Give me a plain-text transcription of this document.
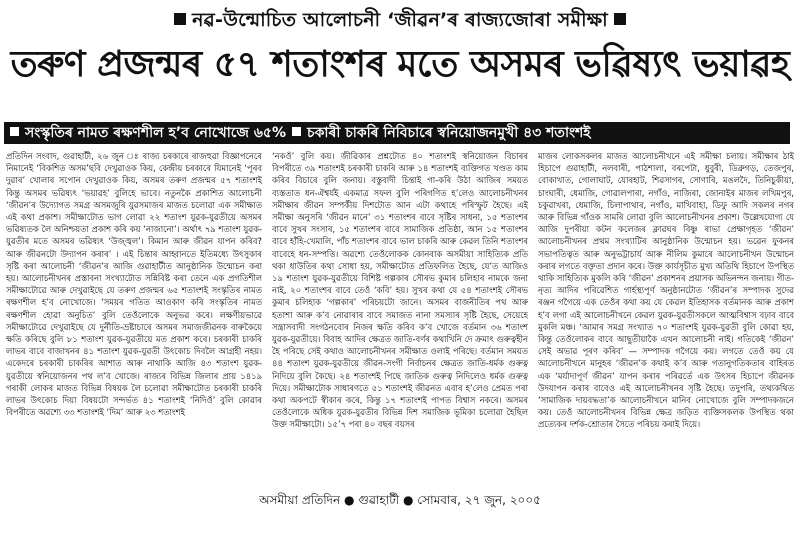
নৱ-উন্মোচিত আলোচনী ‘জীৱন’ৰ ৰাজ্যজোৰা সমীক্ষা
তৰুণ প্ৰজন্মৰ ৫৭ শতাংশৰ মতে অসমৰ ভৱিষ্যৎ ভয়াৱহ
সংস্কৃতিৰ নামত ৰক্ষণশীল হ’ব নোখোজে ৬৫% চকাৰী চাকৰি নিবিচাৰে স্বনিয়োজনমুখী ৪৩ শতাংশই

প্ৰতিদিন সংবাদ, গুৱাহাটী, ২৬ জুন ঃ ৰাজ্য চৰকাৰে ৰাজহুৱা বিজ্ঞাপনেৰে নিমানেই ‘বিকশিত অসম’ছবি দেখুৱাওক কিয়, কেন্দ্ৰীয় চৰকাৰে যিমানেই ‘পূৰব দুৱাৰ’ খোলাৰ সপোন দেখুৱাওক কিয়, অসমৰ তৰুণ প্ৰজন্মৰ ৫৭ শতাংশই কিন্তু অসমৰ ভৱিষ্যৎ ‘ভয়াৱহ’ বুলিহে ভাবে। নতুনকৈ প্ৰকাশিত আলোচনী ‘জীৱন’ৰ উদ্যোগত সমগ্ৰ অসমজুৰি যুৱসমাজৰ মাজত চলোৱা এক সমীক্ষাত এই কথা প্ৰকাশ। সমীক্ষাটোত ভাগ লোৱা ২২ শতাংশ যুৱক-যুৱতীয়ে অসমৰ ভৱিষ্যতক লৈ অনিশ্চয়তা প্ৰকাশ কৰি কয় ‘নাজানো’। অৰ্থাৎ ৭৯ শতাংশ যুৱক-যুৱতীৰ মতে অসমৰ ভৱিষ্যৎ ‘উজ্জ্বল’। কিমান আৰু জীৱন যাপন কৰিব? আৰু জীৱনটো উদ্যাপন কৰাৰ’ । এই চিন্তাৰ আহ্বানতে ইতিমধ্যে উৎসুকাৰ সৃষ্টি কৰা আলোচনী ‘জীৱন’ৰ আজি গুৱাহাটীত আনুষ্ঠানিক উন্মোচন কৰা হয়। আলোচনীখনৰ প্ৰস্তাবনা সংখ্যাটোত সন্নিবিষ্ট কৰা তেনে এক প্ৰগতিশীল সমীক্ষাটোৱে আৰু দেখুৱাইছে যে তৰুণ প্ৰজন্মৰ ৬৫ শতাংশই সংস্কৃতিৰ নামত ৰক্ষণশীল হ’ব নোখোজে। ‘সময়ৰ গতিত আওকাণ কৰি সংস্কৃতিৰ নামত ৰক্ষণশীল হোৱা অনুচিত’ বুলি তেওঁলোকে অনুভৱ কৰে। লক্ষণীয়ভাৱে সমীক্ষাটোৱে দেখুৱাইছে যে দুৰ্নীতি-ভ্ৰষ্টাচাৰে অসমৰ সমাজজীৱনক বাৰুকৈয়ে ক্ষতি কৰিছে বুলি ৮১ শতাংশ যুৱক-যুৱতীয়ে মত প্ৰকাশ কৰে। চৰকাৰী চাকৰি লাভৰ বাবে বাজাখনৰ ৪১ শতাংশ যুৱক-যুৱতী উৎকোচ দিবলৈ আগ্ৰহী নহয়। একেদৰে চৰকাৰী চাকৰিৰ আশাত আৰু নাথাকি আজি ৪৩ শতাংশ যুৱক-যুৱতীয়ে স্বনিয়োজনৰ পথ ল’ব খোজে। ৰাজ্যৰ বিভিন্ন জিলাৰ প্ৰায় ১৪১৯ গৰাকী লোকৰ মাজত বিভিন্ন বিষয়ক লৈ চলোৱা সমীক্ষাটোত চৰকাৰী চাকৰি লাভৰ উৎকোচ দিয়া বিষয়টো সন্দৰ্ভত ৪১ শতাংশই ‘নিদিওঁ’ বুলি কোৱাৰ বিপৰীতে অৱশ্যে ৩৩ শতাংশই ‘দিম’ আৰু ২৩ শতাংশই

‘নকওঁ’ বুলি কয়। জীৱিকাৰ প্ৰশ্নটোত ৪০ শতাংশই স্বনিয়োজন বিচাৰৰ বিপৰীতে ৩৯ শতাংশই চৰকাৰী চাকৰি আৰু ১৪ শতাংশই ব্যক্তিগত খণ্ডত কাম কৰিব বিচাৰে বুলি জনায়। বস্তুবাদী চিন্তাই গা-কৰি উঠা আজিৰ সময়ত ব্যস্ততাত ধন-ঐশ্বৰ্যই একমাত্ৰ সফল বুলি পৰিগণিত হ’লেও আলোচনীখনৰ সমীক্ষাৰ জীৱন সম্পৰ্কীয় দিশটোত আন এটা কথাহে পৰিস্ফুট হৈছে। এই সমীক্ষা অনুসৰি ‘জীৱন মানে’ ৩১ শতাংশৰ বাবে সৃষ্টিৰ সাধনা, ১৫ শতাংশৰ বাবে সুখৰ সংসাৰ, ১৫ শতাংশৰ বাবে সামাজিক প্ৰতিষ্ঠা, আন ১৫ শতাংশৰ বাবে হাঁহি-খেমালি, পাঁচ শতাংশৰ বাবে ভাল চাকৰি আৰু কেৱল তিনি শতাংশৰ বাবেহে ধন-সম্পত্তি। অৱশ্যে তেওঁলোকক কোনবাক অসমীয়া সাহিত্যিক প্ৰতি থকা ধাউতিৰ কথা সোধা হয়, সমীক্ষাটোত প্ৰতিফলিত হৈছে, যে’ত আজিও ১৯ শতাংশ যুৱক-যুৱতীয়ে বিশিষ্ট গল্পকাৰ সৌৰভ কুমাৰ চলিহাৰ নামকে জনা নাই, ২০ শতাংশৰ বাবে তেওঁ ‘কবি’ হয়। সুখৰ কথা যে ৫৪ শতাংশই সৌৰভ কুমাৰ চলিহাক ‘গল্পকাৰ’ পৰিচয়টো জানে। অসমৰ বাজনীতিৰ পথ আৰু হতাশা আৰু ক’ব নোৱাৰাৰ বাবে সমাজত নানা সমস্যাৰ সৃষ্টি হৈছে, সেয়েহে সন্ত্ৰাসবাদী সংগঠনবোৰ নিজৰ ক্ষতি কৰিব ক’ব খোজে বৰ্তমান ৩৬ শতাংশ যুৱক-যুৱতীয়ে। বিবাহ আদিৰ ক্ষেত্ৰত জাতি-বৰ্ণৰ কথাখিনি দে ক্ৰমাৎ গুৰুত্বহীন হৈ পৰিছে সেই কথাও আলোচনীখনৰ সমীক্ষাত ওলাই পৰিছে। বৰ্তমান সময়ত ৪৪ শতাংশ যুৱক-যুৱতীয়ে জীৱন-সংগী নিৰ্বাচনৰ ক্ষেত্ৰত জাতি-ধৰ্মক গুৰুত্ব নিদিয়ে বুলি কৈছে। ২৪ শতাংশই পিছে জাতিক গুৰুত্ব নিদিলেও ধৰ্মক গুৰুত্ব দিয়ে। সমীক্ষাটোক সাধাৰণতে ৫১ শতাংশই জীৱনত এবাৰ হ’লেও প্ৰেমত পৰা কথা অকপটে স্বীকাৰ কৰে, কিন্তু ১৭ শতাংশই পাপত বিশ্বাস নকৰে। অসমৰ তেওঁলোকে অধিক যুৱক-যুৱতীৰ বিভিন্ন দিশ সমাজিক ভূমিকা চলোৱা হৈছিল উক্ত সমীক্ষাটো। ১৫’৭ পৰা ৪০ বছৰ বয়সৰ

মাজৰ লোকসকলৰ মাজত আলোচনীখনে এই সমীক্ষা চলায়। সমীক্ষাৰ ঠাই হিচাপে গুৱাহাটী, নলবাৰী, পাঠশালা, বৰপেটা, ধুবুৰী, ডিব্ৰুগড়, তেজপুৰ, বোকাখাত, গোলাঘাট, যোৰহাট, শিৱসাগৰ, সোণাৰি, মঙলদৈ, তিনিচুকীয়া, চাংঘাৰী, ধেমাজি, গোৱালপাৰা, নগাঁও, নাজিৰা, জোনাইৰ মাজৰ লখিমপুৰ, চকুৱাখৰা, ধেমাজি, চিলাপাথাৰ, নগাঁও, মাখিবাহা, ডিফু আদি সকলৰ নগৰ আৰু বিভিন্ন গাঁওক সামৰি লোৱা বুলি আলোচনীখনৰ প্ৰকাশ। উল্লেখযোগ্য যে আজি দুপৰীয়া কটন কলেজৰ ক্লাৱঘৰ বিষ্ণু ৰাভা প্ৰেক্ষাগৃহত ‘জীৱন’ আলোচনীখনৰ প্ৰথম সংখ্যাটিৰ আনুষ্ঠানিক উন্মোচন হয়। ভৱেন ফুকনৰ সভাপতিত্বত আৰু অনুভট্টাচাৰ্য আৰু নীলিম কুমাৰে আলোচনীখন উন্মোচন কৰাৰ লগতে বক্তৃতা প্ৰদান কৰে। উক্ত কাৰ্যসূচীত মুখ্য অতিথি হিচাপে উপস্থিত থাকি সাহিত্যিক মুকলি কৰি ‘জীৱন’ প্ৰকাশনৰ প্ৰয়াসক অভিনন্দন জনায়। গীত-নৃত্য আদিৰ পৰিৱেশিত গাৰ্হস্থ্যপূৰ্ণ অনুষ্ঠানটোত ‘জীৱন’ৰ সম্পাদক সুদেৱ ৰঞ্জন গগৈয়ে এক তেওঁৰ কথা কয় যে কেৱল ইতিহাসক বৰ্তমানক আৰু প্ৰকাশ হ’ব লগা এই আলোচনীখনে কেৱল যুৱক-যুৱতীসকলে আত্মবিশ্বাস বঢ়াব বাবে মুকলি মঞ্চ। ‘আমাৰ সমগ্ৰ সংখ্যাত ৭০ শতাংশই যুৱক-যুৱতী বুলি কোৱা হয়, কিন্তু তেওঁলোকৰ বাবে আছুতীয়াকৈ এখন আলোচনী নাই। গতিকেই ‘জীৱন’ সেই অভাৱ পূৰণ কৰিব’ — সম্পাদক গগৈয়ে কয়। লগতে তেওঁ কয় যে আলোচনীখনে মানুহৰ ‘জীৱন’ক কথাই ক’ব আৰু গতানুগতিকতাৰ বাহিৰত এক ‘মৰ্যাদাপূৰ্ণ জীৱন’ যাপন কৰাৰ পৰিৱৰ্তে এক উৎসৰ হিচাপে জীৱনক উদযাপন কৰাৰ বাবেও এই আলোচনীখনৰ সৃষ্টি হৈছে। তদুপৰি, তথ্যকথিত ‘সামাজিক দায়বদ্ধতা’ক আলোচনীখনে মানিব নোখোজে বুলি সম্পাদকজনে কয়। তেওঁ আলোচনীখনৰ বিভিন্ন ক্ষেত্ৰ জড়িত ব্যক্তিসকলক উপস্থিত থকা প্ৰত্যেকৰ দৰ্শক-শ্ৰোতাৰ সৈতে পৰিচয় কৰাই দিয়ে।

অসমীয়া প্ৰতিদিন ● গুৱাহাটী ● সোমবাৰ, ২৭ জুন, ২০০৫
